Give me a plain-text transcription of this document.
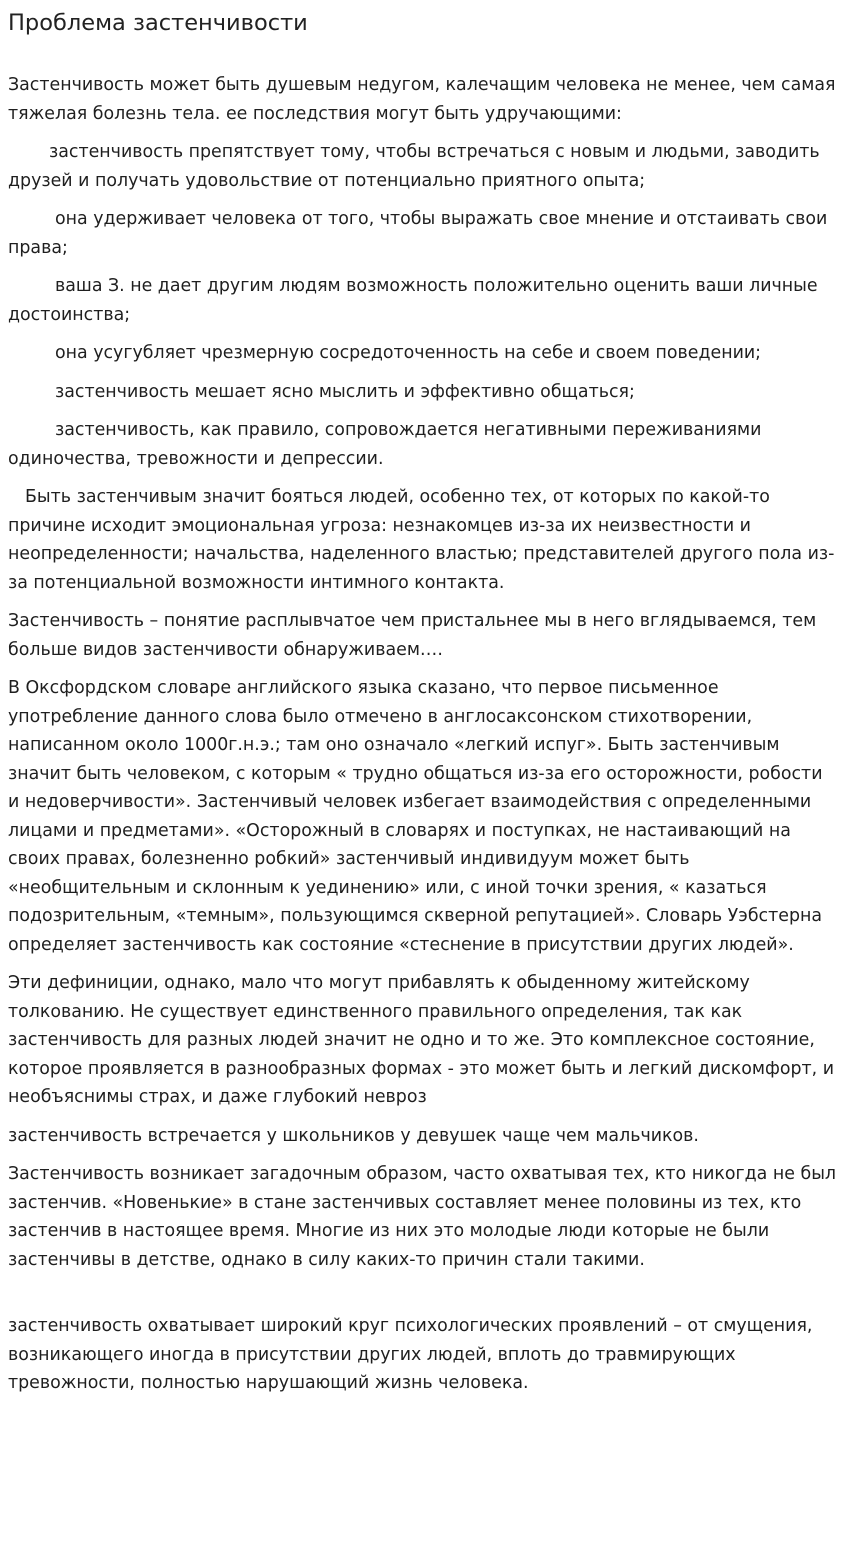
Проблема застенчивости

Застенчивость может быть душевым недугом, калечащим человека не менее, чем самая тяжелая болезнь тела. ее последствия могут быть удручающими:

застенчивость препятствует тому, чтобы встречаться с новым и людьми, заводить друзей и получать удовольствие от потенциально приятного опыта;

она удерживает человека от того, чтобы выражать свое мнение и отстаивать свои права;

ваша З. не дает другим людям возможность положительно оценить ваши личные достоинства;

она усугубляет чрезмерную сосредоточенность на себе и своем поведении;

застенчивость мешает ясно мыслить и эффективно общаться;

застенчивость, как правило, сопровождается негативными переживаниями одиночества, тревожности и депрессии.

Быть застенчивым значит бояться людей, особенно тех, от которых по какой-то причине исходит эмоциональная угроза: незнакомцев из-за их неизвестности и неопределенности; начальства, наделенного властью; представителей другого пола из-за потенциальной возможности интимного контакта.

Застенчивость – понятие расплывчатое чем пристальнее мы в него вглядываемся, тем больше видов застенчивости обнаруживаем….

В Оксфордском словаре английского языка сказано, что первое письменное употребление данного слова было отмечено в англосаксонском стихотворении, написанном около 1000г.н.э.; там оно означало «легкий испуг». Быть застенчивым значит быть человеком, с которым « трудно общаться из-за его осторожности, робости и недоверчивости». Застенчивый человек избегает взаимодействия с определенными лицами и предметами». «Осторожный в словарях и поступках, не настаивающий на своих правах, болезненно робкий» застенчивый индивидуум может быть «необщительным и склонным к уединению» или, с иной точки зрения, « казаться подозрительным, «темным», пользующимся скверной репутацией». Словарь Уэбстерна определяет застенчивость как состояние «стеснение в присутствии других людей».

Эти дефиниции, однако, мало что могут прибавлять к обыденному житейскому толкованию. Не существует единственного правильного определения, так как застенчивость для разных людей значит не одно и то же. Это комплексное состояние, которое проявляется в разнообразных формах - это может быть и легкий дискомфорт, и необъяснимы страх, и даже глубокий невроз

застенчивость встречается у школьников у девушек чаще чем мальчиков.

Застенчивость возникает загадочным образом, часто охватывая тех, кто никогда не был застенчив. «Новенькие» в стане застенчивых составляет менее половины из тех, кто застенчив в настоящее время. Многие из них это молодые люди которые не были застенчивы в детстве, однако в силу каких-то причин стали такими.

застенчивость охватывает широкий круг психологических проявлений – от смущения, возникающего иногда в присутствии других людей, вплоть до травмирующих тревожности, полностью нарушающий жизнь человека.
